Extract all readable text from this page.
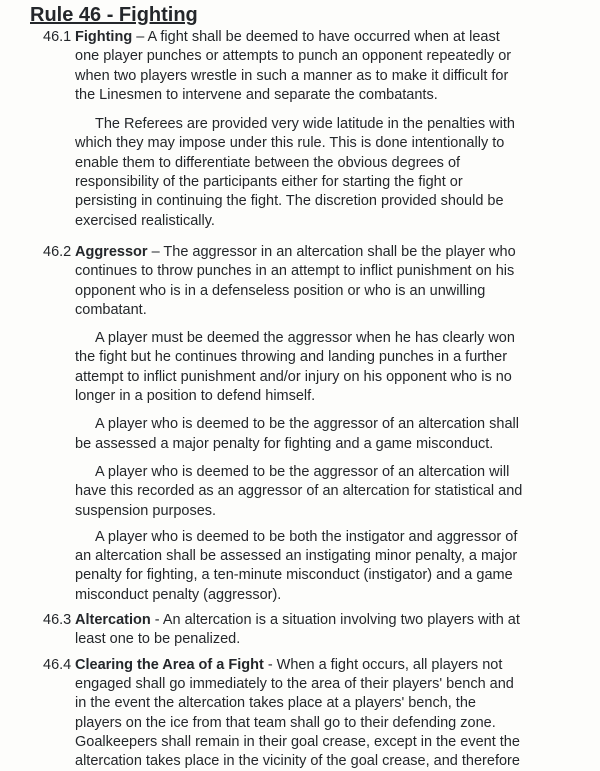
Rule 46 - Fighting
46.1 Fighting – A fight shall be deemed to have occurred when at least
one player punches or attempts to punch an opponent repeatedly or
when two players wrestle in such a manner as to make it difficult for
the Linesmen to intervene and separate the combatants.
The Referees are provided very wide latitude in the penalties with
which they may impose under this rule. This is done intentionally to
enable them to differentiate between the obvious degrees of
responsibility of the participants either for starting the fight or
persisting in continuing the fight. The discretion provided should be
exercised realistically.
46.2 Aggressor – The aggressor in an altercation shall be the player who
continues to throw punches in an attempt to inflict punishment on his
opponent who is in a defenseless position or who is an unwilling
combatant.
A player must be deemed the aggressor when he has clearly won
the fight but he continues throwing and landing punches in a further
attempt to inflict punishment and/or injury on his opponent who is no
longer in a position to defend himself.
A player who is deemed to be the aggressor of an altercation shall
be assessed a major penalty for fighting and a game misconduct.
A player who is deemed to be the aggressor of an altercation will
have this recorded as an aggressor of an altercation for statistical and
suspension purposes.
A player who is deemed to be both the instigator and aggressor of
an altercation shall be assessed an instigating minor penalty, a major
penalty for fighting, a ten-minute misconduct (instigator) and a game
misconduct penalty (aggressor).
46.3 Altercation - An altercation is a situation involving two players with at
least one to be penalized.
46.4 Clearing the Area of a Fight - When a fight occurs, all players not
engaged shall go immediately to the area of their players' bench and
in the event the altercation takes place at a players' bench, the
players on the ice from that team shall go to their defending zone.
Goalkeepers shall remain in their goal crease, except in the event the
altercation takes place in the vicinity of the goal crease, and therefore
